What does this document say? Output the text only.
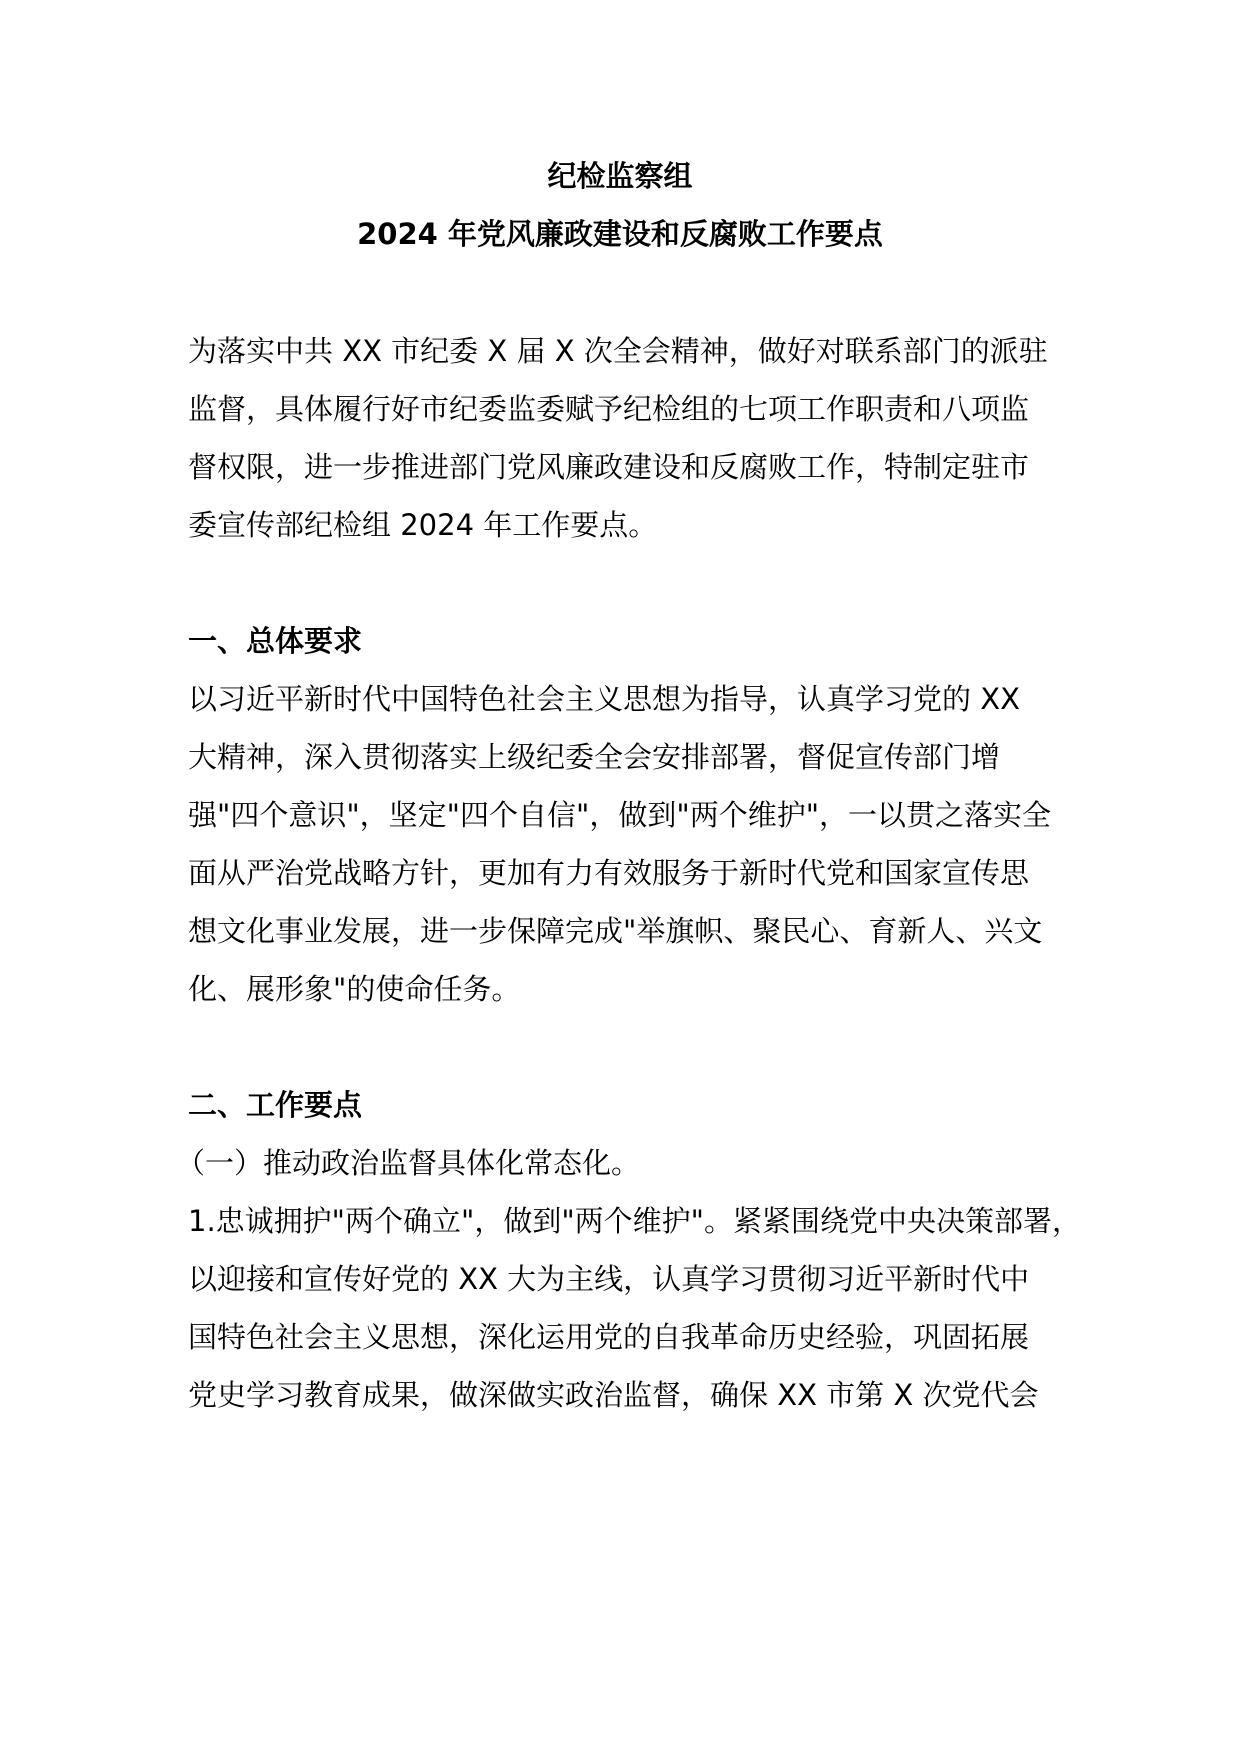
纪检监察组
2024 年党风廉政建设和反腐败工作要点
为落实中共 XX 市纪委 X 届 X 次全会精神，做好对联系部门的派驻
监督，具体履行好市纪委监委赋予纪检组的七项工作职责和八项监
督权限，进一步推进部门党风廉政建设和反腐败工作，特制定驻市
委宣传部纪检组 2024 年工作要点。
一、总体要求
以习近平新时代中国特色社会主义思想为指导，认真学习党的 XX
大精神，深入贯彻落实上级纪委全会安排部署，督促宣传部门增
强"四个意识"，坚定"四个自信"，做到"两个维护"，一以贯之落实全
面从严治党战略方针，更加有力有效服务于新时代党和国家宣传思
想文化事业发展，进一步保障完成"举旗帜、聚民心、育新人、兴文
化、展形象"的使命任务。
二、工作要点
（一）推动政治监督具体化常态化。
1.忠诚拥护"两个确立"，做到"两个维护"。紧紧围绕党中央决策部署，
以迎接和宣传好党的 XX 大为主线，认真学习贯彻习近平新时代中
国特色社会主义思想，深化运用党的自我革命历史经验，巩固拓展
党史学习教育成果，做深做实政治监督，确保 XX 市第 X 次党代会
